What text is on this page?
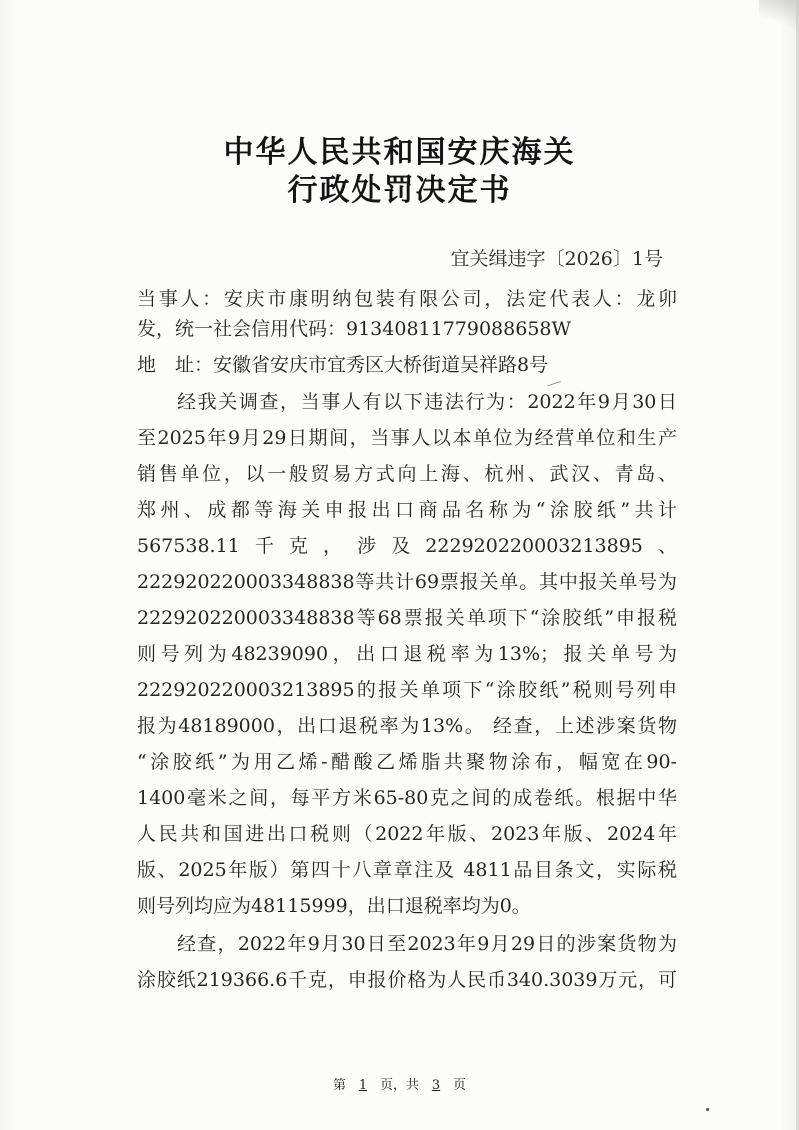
中华人民共和国安庆海关
行政处罚决定书
宜关缉违字〔2026〕1号
当事人：安庆市康明纳包装有限公司，法定代表人：龙卯
发，统一社会信用代码：91340811779088658W
地　址：安徽省安庆市宜秀区大桥街道吴祥路8号
经我关调查，当事人有以下违法行为：2022年9月30日
至2025年9月29日期间，当事人以本单位为经营单位和生产
销售单位，以一般贸易方式向上海、杭州、武汉、青岛、
郑州、成都等海关申报出口商品名称为“涂胶纸”共计
567538.11千克，涉及222920220003213895、
222920220003348838等共计69票报关单。其中报关单号为
222920220003348838等68票报关单项下“涂胶纸”申报税
则号列为48239090，出口退税率为13%；报关单号为
222920220003213895的报关单项下“涂胶纸”税则号列申
报为48189000，出口退税率为13%。 经查，上述涉案货物
“涂胶纸”为用乙烯-醋酸乙烯脂共聚物涂布，幅宽在90-
1400毫米之间，每平方米65-80克之间的成卷纸。根据中华
人民共和国进出口税则（2022年版、2023年版、2024年
版、2025年版）第四十八章章注及 4811品目条文，实际税
则号列均应为48115999，出口退税率均为0。
经查，2022年9月30日至2023年9月29日的涉案货物为
涂胶纸219366.6千克，申报价格为人民币340.3039万元，可
第 1 页，共 3 页
